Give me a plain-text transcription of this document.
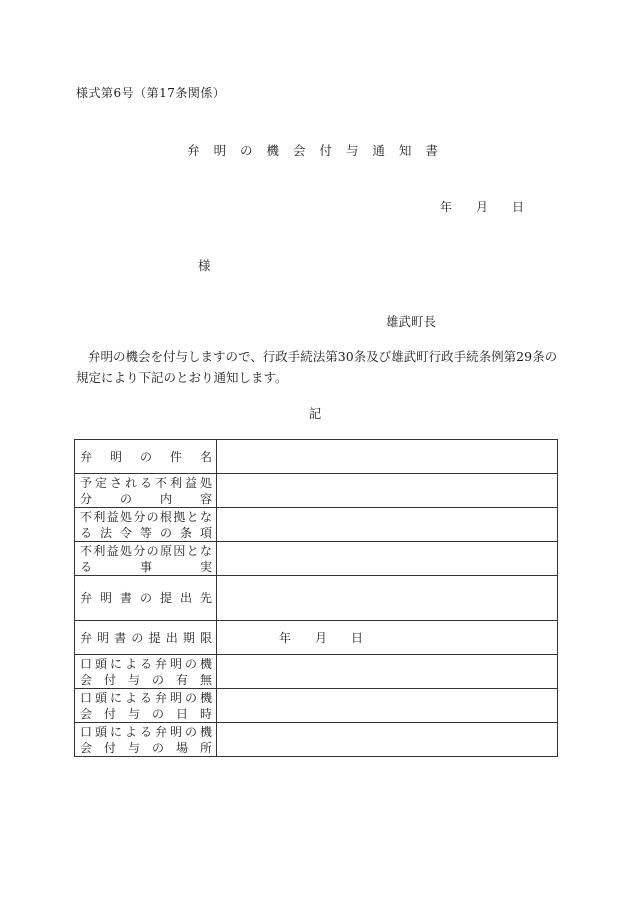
様式第6号（第17条関係）
弁 明 の 機 会 付 与 通 知 書
年 月 日
様
雄武町長
弁明の機会を付与しますので、行政手続法第30条及び雄武町行政手続条例第29条の規定により下記のとおり通知します。
記
弁 明 の 件 名	

予定される不利益処
分 の 内 容	

不利益処分の根拠とな
る 法 令 等 の 条 項	

不利益処分の原因とな
る 事 実	

弁 明 書 の 提 出 先	

弁明書の提出期限	年 月 日

口頭による弁明の機
会 付 与 の 有 無	

口頭による弁明の機
会 付 与 の 日 時	

口頭による弁明の機
会 付 与 の 場 所	
